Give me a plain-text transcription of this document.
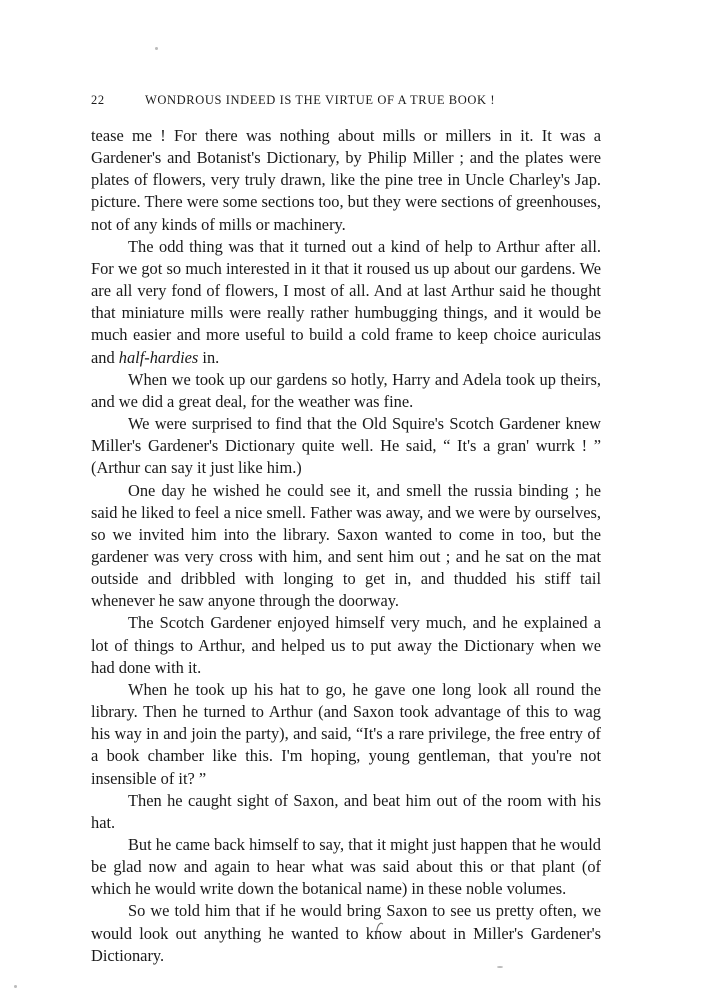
22	WONDROUS INDEED IS THE VIRTUE OF A TRUE BOOK !

tease me ! For there was nothing about mills or millers in it. It was a Gardener's and Botanist's Dictionary, by Philip Miller ; and the plates were plates of flowers, very truly drawn, like the pine tree in Uncle Charley's Jap. picture. There were some sections too, but they were sections of greenhouses, not of any kinds of mills or machinery.

The odd thing was that it turned out a kind of help to Arthur after all. For we got so much interested in it that it roused us up about our gardens. We are all very fond of flowers, I most of all. And at last Arthur said he thought that miniature mills were really rather humbugging things, and it would be much easier and more useful to build a cold frame to keep choice auriculas and half-hardies in.

When we took up our gardens so hotly, Harry and Adela took up theirs, and we did a great deal, for the weather was fine.

We were surprised to find that the Old Squire's Scotch Gardener knew Miller's Gardener's Dictionary quite well. He said, “ It's a gran' wurrk ! ” (Arthur can say it just like him.)

One day he wished he could see it, and smell the russia binding ; he said he liked to feel a nice smell. Father was away, and we were by ourselves, so we invited him into the library. Saxon wanted to come in too, but the gardener was very cross with him, and sent him out ; and he sat on the mat outside and dribbled with longing to get in, and thudded his stiff tail whenever he saw anyone through the doorway.

The Scotch Gardener enjoyed himself very much, and he explained a lot of things to Arthur, and helped us to put away the Dictionary when we had done with it.

When he took up his hat to go, he gave one long look all round the library. Then he turned to Arthur (and Saxon took advantage of this to wag his way in and join the party), and said, “It's a rare privilege, the free entry of a book chamber like this. I'm hoping, young gentleman, that you're not insensible of it? ”

Then he caught sight of Saxon, and beat him out of the room with his hat.

But he came back himself to say, that it might just happen that he would be glad now and again to hear what was said about this or that plant (of which he would write down the botanical name) in these noble volumes.

So we told him that if he would bring Saxon to see us pretty often, we would look out anything he wanted to know about in Miller's Gardener's Dictionary.
